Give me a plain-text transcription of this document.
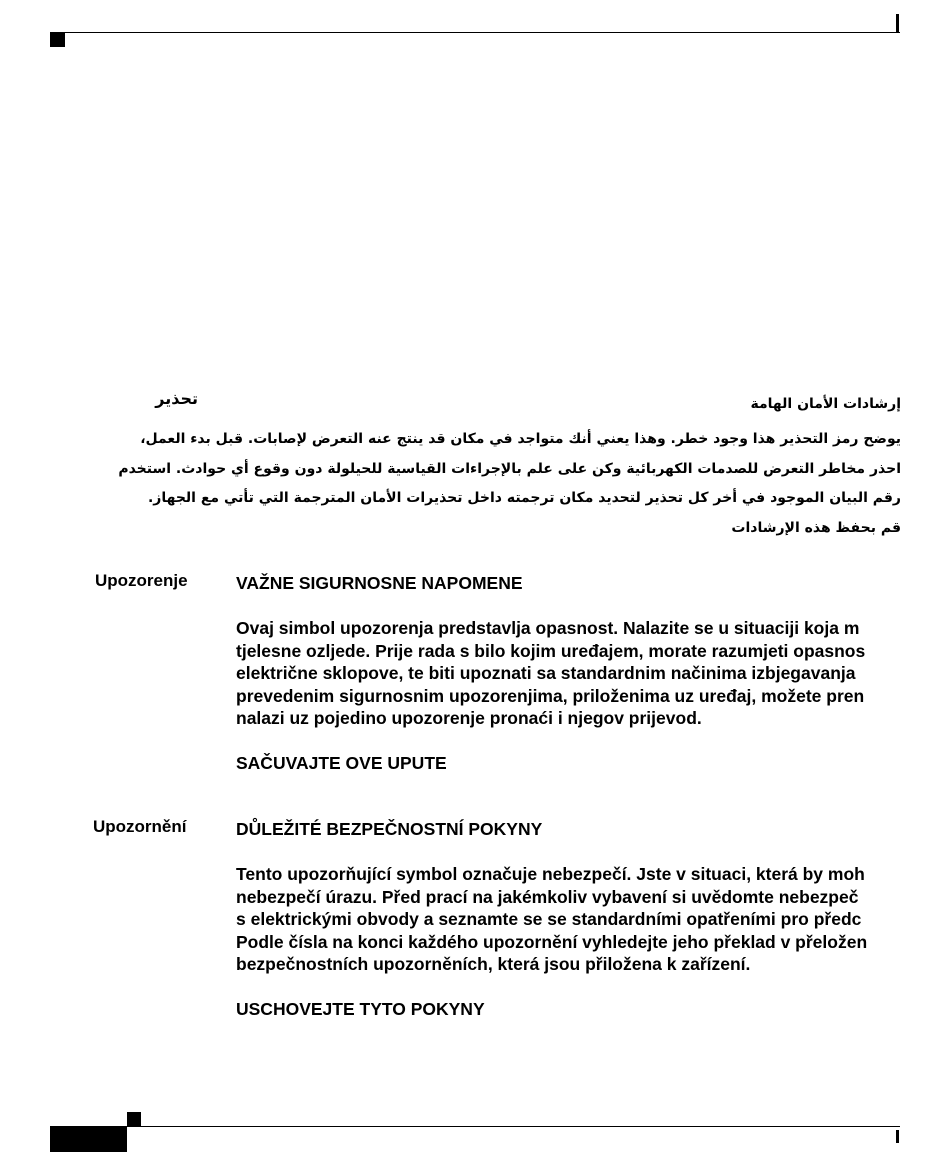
تحذير	إرشادات الأمان الهامة
يوضح رمز التحذير هذا وجود خطر. وهذا يعني أنك متواجد في مكان قد ينتج عنه التعرض لإصابات. قبل بدء العمل،
احذر مخاطر التعرض للصدمات الكهربائية وكن على علم بالإجراءات القياسية للحيلولة دون وقوع أي حوادث. استخدم
رقم البيان الموجود في أخر كل تحذير لتحديد مكان ترجمته داخل تحذيرات الأمان المترجمة التي تأتي مع الجهاز.
قم بحفظ هذه الإرشادات
Upozorenje	VAŽNE SIGURNOSNE NAPOMENE
Ovaj simbol upozorenja predstavlja opasnost. Nalazite se u situaciji koja m
tjelesne ozljede. Prije rada s bilo kojim uređajem, morate razumjeti opasnos
električne sklopove, te biti upoznati sa standardnim načinima izbjegavanja
prevedenim sigurnosnim upozorenjima, priloženima uz uređaj, možete pren
nalazi uz pojedino upozorenje pronaći i njegov prijevod.
SAČUVAJTE OVE UPUTE
Upozornění	DŮLEŽITÉ BEZPEČNOSTNÍ POKYNY
Tento upozorňující symbol označuje nebezpečí. Jste v situaci, která by moh
nebezpečí úrazu. Před prací na jakémkoliv vybavení si uvědomte nebezpeč
s elektrickými obvody a seznamte se se standardními opatřeními pro předc
Podle čísla na konci každého upozornění vyhledejte jeho překlad v přeložen
bezpečnostních upozorněních, která jsou přiložena k zařízení.
USCHOVEJTE TYTO POKYNY
